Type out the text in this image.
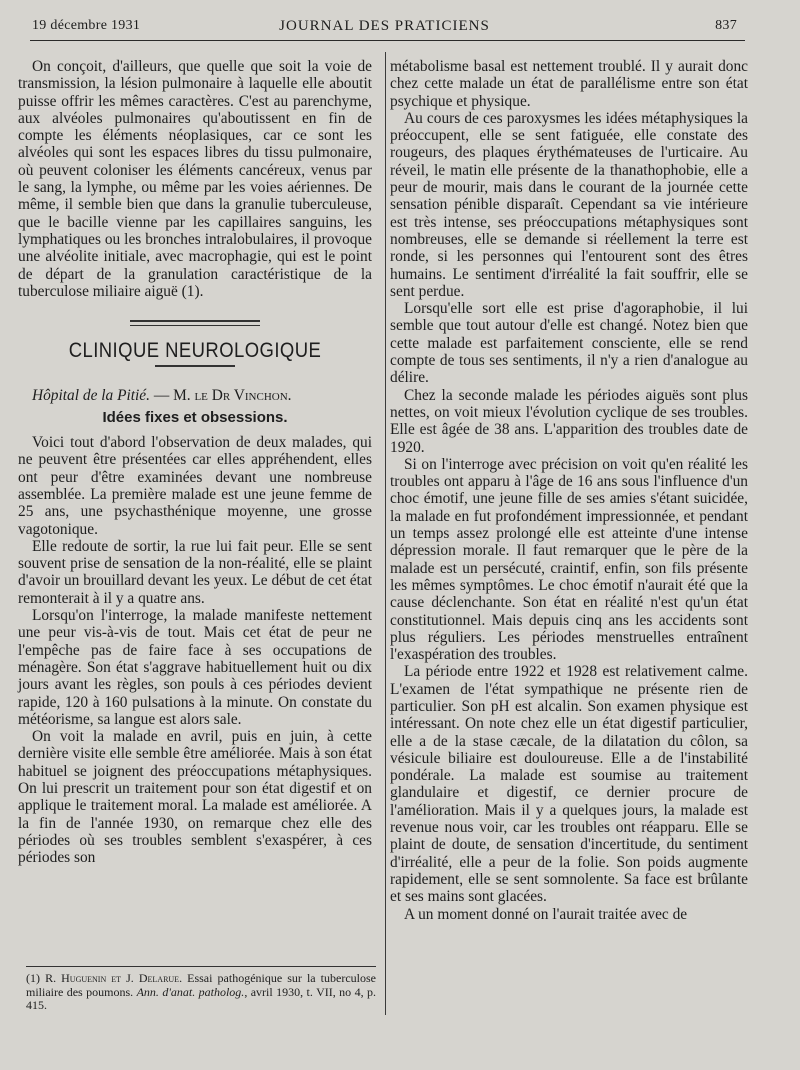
19 décembre 1931	JOURNAL DES PRATICIENS	837

On conçoit, d'ailleurs, que quelle que soit la voie de transmission, la lésion pulmonaire à laquelle elle aboutit puisse offrir les mêmes caractères. C'est au parenchyme, aux alvéoles pulmonaires qu'aboutissent en fin de compte les éléments néoplasiques, car ce sont les alvéoles qui sont les espaces libres du tissu pulmonaire, où peuvent coloniser les éléments cancéreux, venus par le sang, la lymphe, ou même par les voies aériennes. De même, il semble bien que dans la granulie tuberculeuse, que le bacille vienne par les capillaires sanguins, les lymphatiques ou les bronches intralobulaires, il provoque une alvéolite initiale, avec macrophagie, qui est le point de départ de la granulation caractéristique de la tuberculose miliaire aiguë (1).

CLINIQUE NEUROLOGIQUE

Hôpital de la Pitié. — M. le Dr Vinchon.

Idées fixes et obsessions.

Voici tout d'abord l'observation de deux malades, qui ne peuvent être présentées car elles appréhendent, elles ont peur d'être examinées devant une nombreuse assemblée. La première malade est une jeune femme de 25 ans, une psychasthénique moyenne, une grosse vagotonique.

Elle redoute de sortir, la rue lui fait peur. Elle se sent souvent prise de sensation de la non-réalité, elle se plaint d'avoir un brouillard devant les yeux. Le début de cet état remonterait à il y a quatre ans.

Lorsqu'on l'interroge, la malade manifeste nettement une peur vis-à-vis de tout. Mais cet état de peur ne l'empêche pas de faire face à ses occupations de ménagère. Son état s'aggrave habituellement huit ou dix jours avant les règles, son pouls à ces périodes devient rapide, 120 à 160 pulsations à la minute. On constate du météorisme, sa langue est alors sale.

On voit la malade en avril, puis en juin, à cette dernière visite elle semble être améliorée. Mais à son état habituel se joignent des préoccupations métaphysiques. On lui prescrit un traitement pour son état digestif et on applique le traitement moral. La malade est améliorée. A la fin de l'année 1930, on remarque chez elle des périodes où ses troubles semblent s'exaspérer, à ces périodes son

(1) R. Huguenin et J. Delarue. Essai pathogénique sur la tuberculose miliaire des poumons. Ann. d'anat. patholog., avril 1930, t. VII, no 4, p. 415.

métabolisme basal est nettement troublé. Il y aurait donc chez cette malade un état de parallélisme entre son état psychique et physique.

Au cours de ces paroxysmes les idées métaphysiques la préoccupent, elle se sent fatiguée, elle constate des rougeurs, des plaques érythémateuses de l'urticaire. Au réveil, le matin elle présente de la thanathophobie, elle a peur de mourir, mais dans le courant de la journée cette sensation pénible disparaît. Cependant sa vie intérieure est très intense, ses préoccupations métaphysiques sont nombreuses, elle se demande si réellement la terre est ronde, si les personnes qui l'entourent sont des êtres humains. Le sentiment d'irréalité la fait souffrir, elle se sent perdue.

Lorsqu'elle sort elle est prise d'agoraphobie, il lui semble que tout autour d'elle est changé. Notez bien que cette malade est parfaitement consciente, elle se rend compte de tous ses sentiments, il n'y a rien d'analogue au délire.

Chez la seconde malade les périodes aiguës sont plus nettes, on voit mieux l'évolution cyclique de ses troubles. Elle est âgée de 38 ans. L'apparition des troubles date de 1920.

Si on l'interroge avec précision on voit qu'en réalité les troubles ont apparu à l'âge de 16 ans sous l'influence d'un choc émotif, une jeune fille de ses amies s'étant suicidée, la malade en fut profondément impressionnée, et pendant un temps assez prolongé elle est atteinte d'une intense dépression morale. Il faut remarquer que le père de la malade est un persécuté, craintif, enfin, son fils présente les mêmes symptômes. Le choc émotif n'aurait été que la cause déclenchante. Son état en réalité n'est qu'un état constitutionnel. Mais depuis cinq ans les accidents sont plus réguliers. Les périodes menstruelles entraînent l'exaspération des troubles.

La période entre 1922 et 1928 est relativement calme. L'examen de l'état sympathique ne présente rien de particulier. Son pH est alcalin. Son examen physique est intéressant. On note chez elle un état digestif particulier, elle a de la stase cæcale, de la dilatation du côlon, sa vésicule biliaire est douloureuse. Elle a de l'instabilité pondérale. La malade est soumise au traitement glandulaire et digestif, ce dernier procure de l'amélioration. Mais il y a quelques jours, la malade est revenue nous voir, car les troubles ont réapparu. Elle se plaint de doute, de sensation d'incertitude, du sentiment d'irréalité, elle a peur de la folie. Son poids augmente rapidement, elle se sent somnolente. Sa face est brûlante et ses mains sont glacées.

A un moment donné on l'aurait traitée avec de
